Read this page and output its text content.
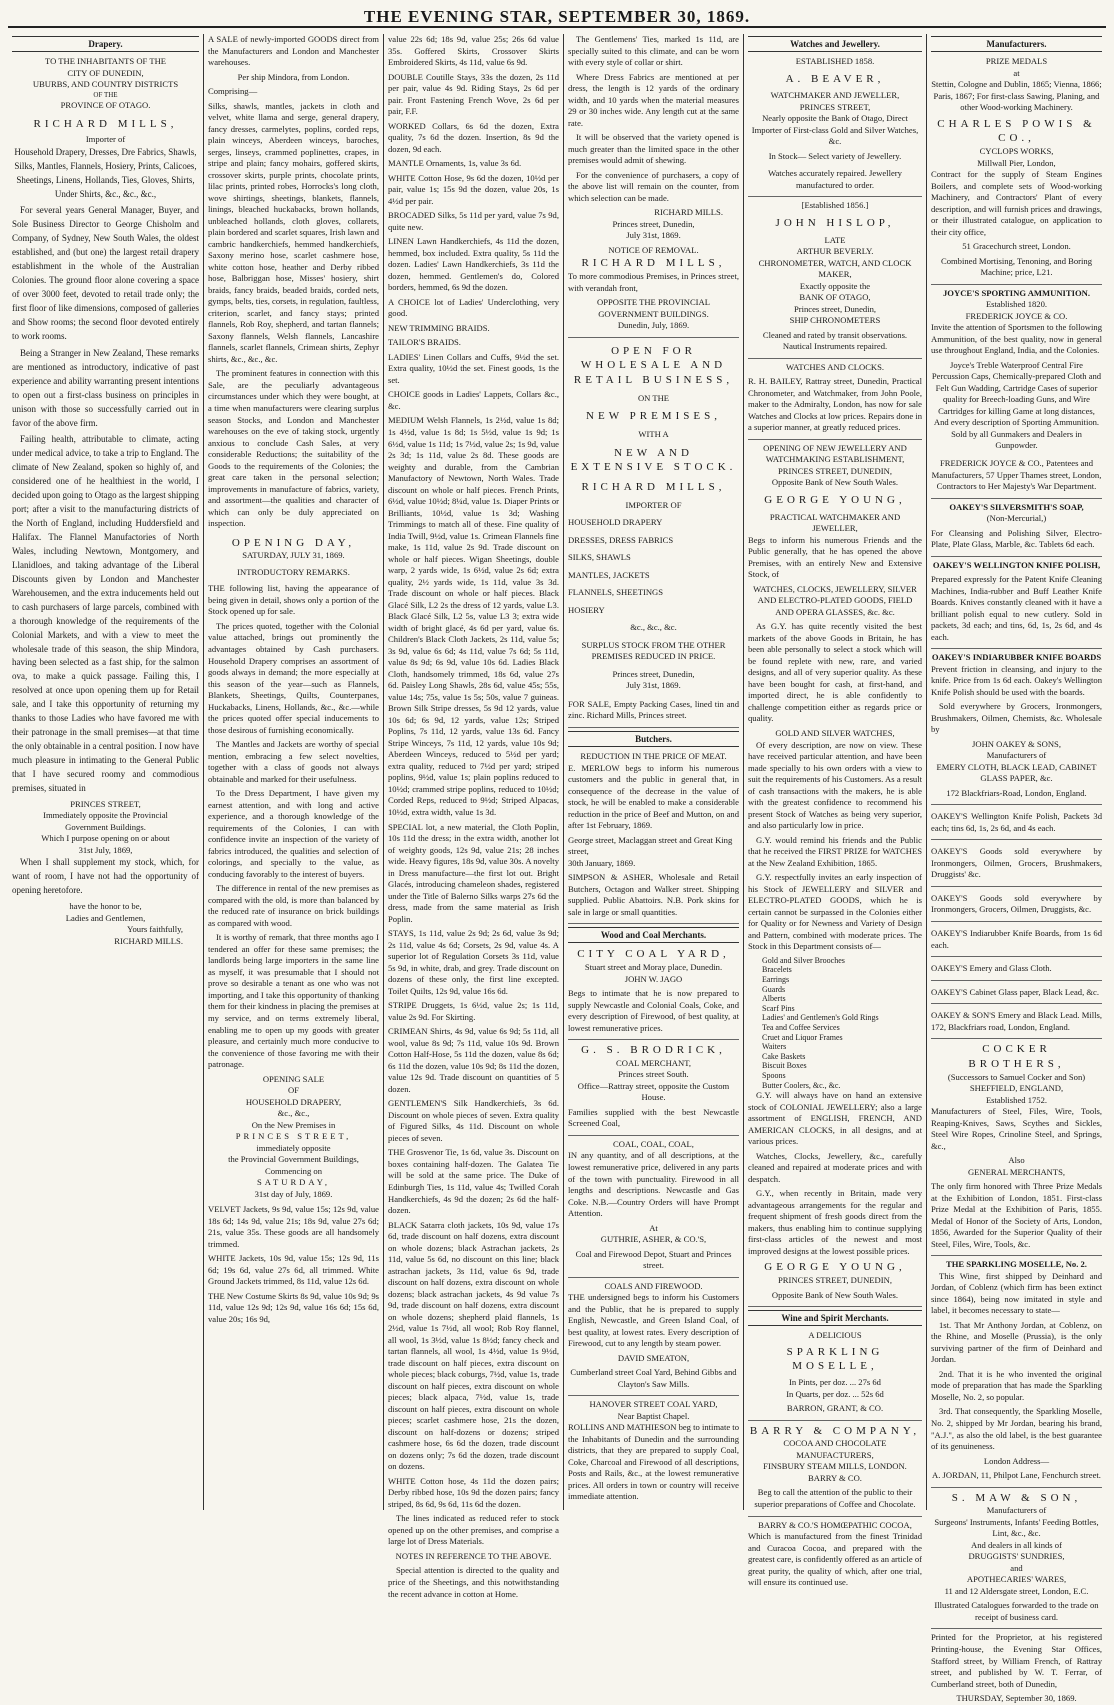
THE EVENING STAR, SEPTEMBER 30, 1869.
Drapery.
TO THE INHABITANTS OF THE
CITY OF DUNEDIN,
UBURBS, AND COUNTRY DISTRICTS
OF THE
PROVINCE OF OTAGO.
RICHARD MILLS,
Importer of

Household Drapery, Dresses, Dre Fabrics, Shawls, Silks, Mantles, Flannels, Hosiery, Prints, Calicoes, Sheetings, Linens, Hollands, Ties, Gloves, Shirts, Under Shirts, &c., &c., &c.,

For several years General Manager, Buyer, and Sole Business Director to George Chisholm and Company, of Sydney, New South Wales, the oldest established, and (but one) the largest retail drapery establishment in the whole of the Australian Colonies. The ground floor alone covering a space of over 3000 feet, devoted to retail trade only; the first floor of like dimensions, composed of galleries and Show rooms; the second floor devoted entirely to work rooms.

Being a Stranger in New Zealand, These remarks are mentioned as introductory, indicative of past experience and ability warranting present intentions to open out a first-class business on principles in unison with those so successfully carried out in favor of the above firm.

Failing health, attributable to climate, acting under medical advice, to take a trip to England. The climate of New Zealand, spoken so highly of, and considered one of he healthiest in the world, I decided upon going to Otago as the largest shipping port; after a visit to the manufacturing districts of the North of England, including Huddersfield and Halifax. The Flannel Manufactories of North Wales, including Newtown, Montgomery, and Llanidloes, and taking advantage of the Liberal Discounts given by London and Manchester Warehousemen, and the extra inducements held out to cash purchasers of large parcels, combined with a thorough knowledge of the requirements of the Colonial Markets, and with a view to meet the wholesale trade of this season, the ship Mindora, having been selected as a fast ship, for the salmon ova, to make a quick passage. Failing this, I resolved at once upon opening them up for Retail sale, and I take this opportunity of returning my thanks to those Ladies who have favored me with their patronage in the small premises—at that time the only obtainable in a central position. I now have much pleasure in intimating to the General Public that I have secured roomy and commodious premises, situated in

PRINCES STREET,
Immediately opposite the Provincial
Government Buildings.
Which I purpose opening on or about
31st July, 1869,

When I shall supplement my stock, which, for want of room, I have not had the opportunity of opening heretofore.

have the honor to be,
Ladies and Gentlemen,
Yours faithfully,
RICHARD MILLS.

A SALE of newly-imported GOODS direct from the Manufacturers and London and Manchester warehouses.

Per ship Mindora, from London.

Comprising—

Silks, shawls, mantles, jackets in cloth and velvet, white llama and serge, general drapery, fancy dresses, carmelytes, poplins, corded reps, plain winceys, Aberdeen winceys, baroches, serges, linseys, crammed poplinettes, crapes, in stripe and plain; fancy mohairs, goffered skirts, crossover skirts, purple prints, chocolate prints, lilac prints, printed robes, Horrocks's long cloth, wove shirtings, sheetings, blankets, flannels, linings, bleached huckabacks, brown hollands, unbleached hollands, cloth gloves, collarets, plain bordered and scarlet squares, Irish lawn and cambric handkerchiefs, hemmed handkerchiefs, Saxony merino hose, scarlet cashmere hose, white cotton hose, heather and Derby ribbed hose, Balbriggan hose, Misses' hosiery, shirt braids, fancy braids, beaded braids, corded nets, gymps, belts, ties, corsets, in regulation, faultless, criterion, scarlet, and fancy stays; printed flannels, Rob Roy, shepherd, and tartan flannels; Saxony flannels, Welsh flannels, Lancashire flannels, scarlet flannels, Crimean shirts, Zephyr shirts, &c., &c., &c.

The prominent features in connection with this Sale, are the peculiarly advantageous circumstances under which they were bought, at a time when manufacturers were clearing surplus season Stocks, and London and Manchester warehouses on the eve of taking stock, urgently anxious to conclude Cash Sales, at very considerable Reductions; the suitability of the Goods to the requirements of the Colonies; the great care taken in the personal selection; improvements in manufacture of fabrics, variety, and assortment—the qualities and character of which can only be duly appreciated on inspection.

OPENING DAY,
SATURDAY, JULY 31, 1869.
INTRODUCTORY REMARKS.

THE following list, having the appearance of being given in detail, shows only a portion of the Stock opened up for sale.

The prices quoted, together with the Colonial value attached, brings out prominently the advantages obtained by Cash purchasers. Household Drapery comprises an assortment of goods always in demand; the more especially at this season of the year—such as Flannels, Blankets, Sheetings, Quilts, Counterpanes, Huckabacks, Linens, Hollands, &c., &c.—while the prices quoted offer special inducements to those desirous of furnishing economically.

The Mantles and Jackets are worthy of special mention, embracing a few select novelties, together with a class of goods not always obtainable and marked for their usefulness.

To the Dress Department, I have given my earnest attention, and with long and active experience, and a thorough knowledge of the requirements of the Colonies, I can with confidence invite an inspection of the variety of fabrics introduced, the qualities and selection of colorings, and specially to the value, as conducing favorably to the interest of buyers.

The difference in rental of the new premises as compared with the old, is more than balanced by the reduced rate of insurance on brick buildings as compared with wood.

It is worthy of remark, that three months ago I tendered an offer for these same premises; the landlords being large importers in the same line as myself, it was presumable that I should not prove so desirable a tenant as one who was not importing, and I take this opportunity of thanking them for their kindness in placing the premises at my service, and on terms extremely liberal, enabling me to open up my goods with greater pleasure, and certainly much more conducive to the convenience of those favoring me with their patronage.

OPENING SALE
OF
HOUSEHOLD DRAPERY,
&c., &c.,
On the New Premises in
PRINCES STREET,
immediately opposite
the Provincial Government Buildings,
Commencing on
SATURDAY,
31st day of July, 1869.

VELVET Jackets, 9s 9d, value 15s; 12s 9d, value 18s 6d; 14s 9d, value 21s; 18s 9d, value 27s 6d; 21s, value 35s. These goods are all handsomely trimmed.

WHITE Jackets, 10s 9d, value 15s; 12s 9d, 11s 6d; 19s 6d, value 27s 6d, all trimmed. White Ground Jackets trimmed, 8s 11d, value 12s 6d.

THE New Costume Skirts 8s 9d, value 10s 9d; 9s 11d, value 12s 9d; 12s 9d, value 16s 6d; 15s 6d, value 20s; 16s 9d,

value 22s 6d; 18s 9d, value 25s; 26s 6d value 35s. Goffered Skirts, Crossover Skirts Embroidered Skirts, 4s 11d, value 6s 9d.

DOUBLE Coutille Stays, 33s the dozen, 2s 11d per pair, value 4s 9d. Riding Stays, 2s 6d per pair. Front Fastening French Wove, 2s 6d per pair, F.F.

WORKED Collars, 6s 6d the dozen, Extra quality, 7s 6d the dozen. Insertion, 8s 9d the dozen, 9d each.

MANTLE Ornaments, 1s, value 3s 6d.

WHITE Cotton Hose, 9s 6d the dozen, 10½d per pair, value 1s; 15s 9d the dozen, value 20s, 1s 4½d per pair.

BROCADED Silks, 5s 11d per yard, value 7s 9d, quite new.

LINEN Lawn Handkerchiefs, 4s 11d the dozen, hemmed, box included. Extra quality, 5s 11d the dozen. Ladies' Lawn Handkerchiefs, 3s 11d the dozen, hemmed. Gentlemen's do, Colored borders, hemmed, 6s 9d the dozen.

A CHOICE lot of Ladies' Underclothing, very good.

NEW TRIMMING BRAIDS.

TAILOR'S BRAIDS.

LADIES' Linen Collars and Cuffs, 9½d the set. Extra quality, 10½d the set. Finest goods, 1s the set.

CHOICE goods in Ladies' Lappets, Collars &c., &c.

MEDIUM Welsh Flannels, 1s 2½d, value 1s 8d; 1s 4½d, value 1s 8d; 1s 5½d, value 1s 9d; 1s 6½d, value 1s 11d; 1s 7½d, value 2s; 1s 9d, value 2s 3d; 1s 11d, value 2s 8d. These goods are weighty and durable, from the Cambrian Manufactory of Newtown, North Wales. Trade discount on whole or half pieces. French Prints, 6½d, value 10½d; 8¼d, value 1s. Diaper Prints or Brilliants, 10½d, value 1s 3d; Washing Trimmings to match all of these. Fine quality of India Twill, 9½d, value 1s. Crimean Flannels fine make, 1s 11d, value 2s 9d. Trade discount on whole or half pieces. Wigan Sheetings, double warp, 2 yards wide, 1s 6½d, value 2s 6d; extra quality, 2½ yards wide, 1s 11d, value 3s 3d. Trade discount on whole or half pieces. Black Glacé Silk, L2 2s the dress of 12 yards, value L3. Black Glacé Silk, L2 5s, value L3 3; extra wide width of bright glacé, 4s 6d per yard, value 6s. Children's Black Cloth Jackets, 2s 11d, value 5s; 3s 9d, value 6s 6d; 4s 11d, value 7s 6d; 5s 11d, value 8s 9d; 6s 9d, value 10s 6d. Ladies Black Cloth, handsomely trimmed, 18s 6d, value 27s 6d. Paisley Long Shawls, 28s 6d, value 45s; 55s, value 14s; 75s, value 1s 5s; 50s, value 7 guineas. Brown Silk Stripe dresses, 5s 9d 12 yards, value 10s 6d; 6s 9d, 12 yards, value 12s; Striped Poplins, 7s 11d, 12 yards, value 13s 6d. Fancy Stripe Winceys, 7s 11d, 12 yards, value 10s 9d; Aberdeen Winceys, reduced to 5½d per yard; extra quality, reduced to 7½d per yard; striped poplins, 9½d, value 1s; plain poplins reduced to 10½d; crammed stripe poplins, reduced to 10½d; Corded Reps, reduced to 9½d; Striped Alpacas, 10½d, extra width, value 1s 3d.

SPECIAL lot, a new material, the Cloth Poplin, 10s 11d the dress; in the extra width, another lot of weighty goods, 12s 9d, value 21s; 28 inches wide. Heavy figures, 18s 9d, value 30s. A novelty in Dress manufacture—the first lot out. Bright Glacés, introducing chameleon shades, registered under the Title of Balerno Silks warps 27s 6d the dress, made from the same material as Irish Poplin.

STAYS, 1s 11d, value 2s 9d; 2s 6d, value 3s 9d; 2s 11d, value 4s 6d; Corsets, 2s 9d, value 4s. A superior lot of Regulation Corsets 3s 11d, value 5s 9d, in white, drab, and grey. Trade discount on dozens of these only, the first line excepted. Toilet Quilts, 12s 9d, value 16s 6d.

STRIPE Druggets, 1s 6½d, value 2s; 1s 11d, value 2s 9d. For Skirting.

CRIMEAN Shirts, 4s 9d, value 6s 9d; 5s 11d, all wool, value 8s 9d; 7s 11d, value 10s 9d. Brown Cotton Half-Hose, 5s 11d the dozen, value 8s 6d; 6s 11d the dozen, value 10s 9d; 8s 11d the dozen, value 12s 9d. Trade discount on quantities of 5 dozen.

GENTLEMEN'S Silk Handkerchiefs, 3s 6d. Discount on whole pieces of seven. Extra quality of Figured Silks, 4s 11d. Discount on whole pieces of seven.

THE Grosvenor Tie, 1s 6d, value 3s. Discount on boxes containing half-dozen. The Galatea Tie will be sold at the same price. The Duke of Edinburgh Ties, 1s 11d, value 4s; Twilled Corah Handkerchiefs, 4s 9d the dozen; 2s 6d the half-dozen.

BLACK Satarra cloth jackets, 10s 9d, value 17s 6d, trade discount on half dozens, extra discount on whole dozens; black Astrachan jackets, 2s 11d, value 5s 6d, no discount on this line; black astrachan jackets, 3s 11d, value 6s 9d, trade discount on half dozens, extra discount on whole dozens; black astrachan jackets, 4s 9d value 7s 9d, trade discount on half dozens, extra discount on whole dozens; shepherd plaid flannels, 1s 2½d, value 1s 7½d, all wool; Rob Roy flannel, all wool, 1s 3½d, value 1s 8½d; fancy check and tartan flannels, all wool, 1s 4½d, value 1s 9½d, trade discount on half pieces, extra discount on whole pieces; black coburgs, 7½d, value 1s, trade discount on half pieces, extra discount on whole pieces; black alpaca, 7½d, value 1s, trade discount on half pieces, extra discount on whole pieces; scarlet cashmere hose, 21s the dozen, discount on half-dozens or dozens; striped cashmere hose, 6s 6d the dozen, trade discount on dozens only; 7s 6d the dozen, trade discount on dozens.

WHITE Cotton hose, 4s 11d the dozen pairs; Derby ribbed hose, 10s 9d the dozen pairs; fancy striped, 8s 6d, 9s 6d, 11s 6d the dozen.

The lines indicated as reduced refer to stock opened up on the other premises, and comprise a large lot of Dress Materials.

NOTES IN REFERENCE TO THE ABOVE.

Special attention is directed to the quality and price of the Sheetings, and this notwithstanding the recent advance in cotton at Home.

The Gentlemens' Ties, marked 1s 11d, are specially suited to this climate, and can be worn with every style of collar or shirt.

Where Dress Fabrics are mentioned at per dress, the length is 12 yards of the ordinary width, and 10 yards when the material measures 29 or 30 inches wide. Any length cut at the same rate.

It will be observed that the variety opened is much greater than the limited space in the other premises would admit of shewing.

For the convenience of purchasers, a copy of the above list will remain on the counter, from which selection can be made.

RICHARD MILLS.
Princes street, Dunedin,
July 31st, 1869.
NOTICE OF REMOVAL.
RICHARD MILLS,

To more commodious Premises, in Princes street, with verandah front,

OPPOSITE THE PROVINCIAL GOVERNMENT BUILDINGS.
Dunedin, July, 1869.
OPEN FOR WHOLESALE AND
RETAIL BUSINESS,
ON THE
NEW PREMISES,
WITH A
NEW AND EXTENSIVE STOCK.
RICHARD MILLS,
IMPORTER OF
HOUSEHOLD DRAPERY
DRESSES, DRESS FABRICS
SILKS, SHAWLS
MANTLES, JACKETS
FLANNELS, SHEETINGS
HOSIERY
&c., &c., &c.

SURPLUS STOCK FROM THE OTHER PREMISES REDUCED IN PRICE.

Princes street, Dunedin,
July 31st, 1869.

FOR SALE, Empty Packing Cases, lined tin and zinc. Richard Mills, Princes street.

Butchers.
REDUCTION IN THE PRICE OF MEAT.

E. MERLOW begs to inform his numerous customers and the public in general that, in consequence of the decrease in the value of stock, he will be enabled to make a considerable reduction in the price of Beef and Mutton, on and after 1st February, 1869.

George street, Maclaggan street and Great King street,
30th January, 1869.

SIMPSON & ASHER, Wholesale and Retail Butchers, Octagon and Walker street. Shipping supplied. Public Abattoirs. N.B. Pork skins for sale in large or small quantities.

Wood and Coal Merchants.
CITY COAL YARD,
Stuart street and Moray place, Dunedin.
JOHN W. JAGO

Begs to intimate that he is now prepared to supply Newcastle and Colonial Coals, Coke, and every description of Firewood, of best quality, at lowest remunerative prices.

G. S. BRODRICK,
COAL MERCHANT,
Princes street South.
Office—Rattray street, opposite the Custom House.

Families supplied with the best Newcastle Screened Coal,

COAL, COAL, COAL,

IN any quantity, and of all descriptions, at the lowest remunerative price, delivered in any parts of the town with punctuality. Firewood in all lengths and descriptions. Newcastle and Gas Coke. N.B.—Country Orders will have Prompt Attention.

At
GUTHRIE, ASHER, & CO.'S,
Coal and Firewood Depot, Stuart and Princes street.
COALS AND FIREWOOD.

THE undersigned begs to inform his Customers and the Public, that he is prepared to supply English, Newcastle, and Green Island Coal, of best quality, at lowest rates. Every description of Firewood, cut to any length by steam power.

DAVID SMEATON,
Cumberland street Coal Yard, Behind Gibbs and Clayton's Saw Mills.
HANOVER STREET COAL YARD,
Near Baptist Chapel.

ROLLINS AND MATHIESON beg to intimate to the Inhabitants of Dunedin and the surrounding districts, that they are prepared to supply Coal, Coke, Charcoal and Firewood of all descriptions, Posts and Rails, &c., at the lowest remunerative prices. All orders in town or country will receive immediate attention.

Watches and Jewellery.
ESTABLISHED 1858.
A. BEAVER,
WATCHMAKER AND JEWELLER,
PRINCES STREET,

Nearly opposite the Bank of Otago, Direct Importer of First-class Gold and Silver Watches, &c.

In Stock— Select variety of Jewellery.

Watches accurately repaired. Jewellery manufactured to order.

[Established 1856.]
JOHN HISLOP,
LATE
ARTHUR BEVERLY.
CHRONOMETER, WATCH, AND CLOCK MAKER,
Exactly opposite the
BANK OF OTAGO,
Princes street, Dunedin,
SHIP CHRONOMETERS

Cleaned and rated by transit observations. Nautical Instruments repaired.

WATCHES AND CLOCKS.

R. H. BAILEY, Rattray street, Dunedin, Practical Chronometer, and Watchmaker, from John Poole, maker to the Admiralty, London, has now for sale Watches and Clocks at low prices. Repairs done in a superior manner, at greatly reduced prices.

OPENING OF NEW JEWELLERY AND WATCHMAKING ESTABLISHMENT,
PRINCES STREET, DUNEDIN,
Opposite Bank of New South Wales.
GEORGE YOUNG,
PRACTICAL WATCHMAKER AND JEWELLER,

Begs to inform his numerous Friends and the Public generally, that he has opened the above Premises, with an entirely New and Extensive Stock, of

WATCHES, CLOCKS, JEWELLERY, SILVER AND ELECTRO-PLATED GOODS, FIELD AND OPERA GLASSES, &c. &c.

As G.Y. has quite recently visited the best markets of the above Goods in Britain, he has been able personally to select a stock which will be found replete with new, rare, and varied designs, and all of very superior quality. As these have been bought for cash, at first-hand, and imported direct, he is able confidently to challenge competition either as regards price or quality.

GOLD AND SILVER WATCHES,

Of every description, are now on view. These have received particular attention, and have been made specially to his own orders with a view to suit the requirements of his Customers. As a result of cash transactions with the makers, he is able with the greatest confidence to recommend his present Stock of Watches as being very superior, and also particularly low in price.

G.Y. would remind his friends and the Public that he received the FIRST PRIZE for WATCHES at the New Zealand Exhibition, 1865.

G.Y. respectfully invites an early inspection of his Stock of JEWELLERY and SILVER and ELECTRO-PLATED GOODS, which he is certain cannot be surpassed in the Colonies either for Quality or for Newness and Variety of Design and Pattern, combined with moderate prices. The Stock in this Department consists of—

Gold and Silver Brooches
Bracelets
Earrings
Guards
Alberts
Scarf Pins
Ladies' and Gentlemen's Gold Rings
Tea and Coffee Services
Cruet and Liquor Frames
Waiters
Cake Baskets
Biscuit Boxes
Spoons
Butter Coolers, &c., &c.

G.Y. will always have on hand an extensive stock of COLONIAL JEWELLERY; also a large assortment of ENGLISH, FRENCH, AND AMERICAN CLOCKS, in all designs, and at various prices.

Watches, Clocks, Jewellery, &c., carefully cleaned and repaired at moderate prices and with despatch.

G.Y., when recently in Britain, made very advantageous arrangements for the regular and frequent shipment of fresh goods direct from the makers, thus enabling him to continue supplying first-class articles of the newest and most improved designs at the lowest possible prices.

GEORGE YOUNG,
PRINCES STREET, DUNEDIN,
Opposite Bank of New South Wales.
Wine and Spirit Merchants.
A DELICIOUS
SPARKLING MOSELLE,
In Pints, per doz. ... 27s 6d
In Quarts, per doz. ... 52s 6d
BARRON, GRANT, & CO.
BARRY & COMPANY,
COCOA AND CHOCOLATE MANUFACTURERS,
FINSBURY STEAM MILLS, LONDON.
BARRY & CO.

Beg to call the attention of the public to their superior preparations of Coffee and Chocolate.

BARRY & CO.'S HOMŒPATHIC COCOA,

Which is manufactured from the finest Trinidad and Curacoa Cocoa, and prepared with the greatest care, is confidently offered as an article of great purity, the quality of which, after one trial, will ensure its continued use.

Manufacturers.
PRIZE MEDALS
at

Stettin, Cologne and Dublin, 1865; Vienna, 1866; Paris, 1867; For first-class Sawing, Planing, and other Wood-working Machinery.

CHARLES POWIS & CO.,
CYCLOPS WORKS,
Millwall Pier, London,

Contract for the supply of Steam Engines Boilers, and complete sets of Wood-working Machinery, and Contractors' Plant of every description, and will furnish prices and drawings, or their illustrated catalogue, on application to their city office,

51 Gracechurch street, London.

Combined Mortising, Tenoning, and Boring Machine; price, L21.

JOYCE'S SPORTING AMMUNITION.
Established 1820.
FREDERICK JOYCE & CO.

Invite the attention of Sportsmen to the following Ammunition, of the best quality, now in general use throughout England, India, and the Colonies.

Joyce's Treble Waterproof Central Fire Percussion Caps, Chemically-prepared Cloth and Felt Gun Wadding, Cartridge Cases of superior quality for Breech-loading Guns, and Wire Cartridges for killing Game at long distances, And every description of Sporting Ammunition. Sold by all Gunmakers and Dealers in Gunpowder.

FREDERICK JOYCE & CO., Patentees and Manufacturers, 57 Upper Thames street, London, Contractors to Her Majesty's War Department.

OAKEY'S SILVERSMITH'S SOAP,
(Non-Mercurial,)

For Cleansing and Polishing Silver, Electro-Plate, Plate Glass, Marble, &c. Tablets 6d each.

OAKEY'S WELLINGTON KNIFE POLISH,

Prepared expressly for the Patent Knife Cleaning Machines, India-rubber and Buff Leather Knife Boards. Knives constantly cleaned with it have a brilliant polish equal to new cutlery. Sold in packets, 3d each; and tins, 6d, 1s, 2s 6d, and 4s each.

OAKEY'S INDIARUBBER KNIFE BOARDS

Prevent friction in cleansing, and injury to the knife. Price from 1s 6d each. Oakey's Wellington Knife Polish should be used with the boards.

Sold everywhere by Grocers, Ironmongers, Brushmakers, Oilmen, Chemists, &c. Wholesale by

JOHN OAKEY & SONS,
Manufacturers of
EMERY CLOTH, BLACK LEAD, CABINET GLASS PAPER, &c.
172 Blackfriars-Road, London, England.

OAKEY'S Wellington Knife Polish, Packets 3d each; tins 6d, 1s, 2s 6d, and 4s each.

OAKEY'S Goods sold everywhere by Ironmongers, Oilmen, Grocers, Brushmakers, Druggists' &c.

OAKEY'S Goods sold everywhere by Ironmongers, Grocers, Oilmen, Druggists, &c.

OAKEY'S Indiarubber Knife Boards, from 1s 6d each.

OAKEY'S Emery and Glass Cloth.

OAKEY'S Cabinet Glass paper, Black Lead, &c.

OAKEY & SON'S Emery and Black Lead. Mills, 172, Blackfriars road, London, England.

COCKER BROTHERS,
(Successors to Samuel Cocker and Son)
SHEFFIELD, ENGLAND,
Established 1752.

Manufacturers of Steel, Files, Wire, Tools, Reaping-Knives, Saws, Scythes and Sickles, Steel Wire Ropes, Crinoline Steel, and Springs, &c.,

Also
GENERAL MERCHANTS,

The only firm honored with Three Prize Medals at the Exhibition of London, 1851. First-class Prize Medal at the Exhibition of Paris, 1855. Medal of Honor of the Society of Arts, London, 1856, Awarded for the Superior Quality of their Steel, Files, Wire, Tools, &c.

THE SPARKLING MOSELLE, No. 2.

This Wine, first shipped by Deinhard and Jordan, of Coblenz (which firm has been extinct since 1864), being now imitated in style and label, it becomes necessary to state—

1st. That Mr Anthony Jordan, at Coblenz, on the Rhine, and Moselle (Prussia), is the only surviving partner of the firm of Deinhard and Jordan.

2nd. That it is he who invented the original mode of preparation that has made the Sparkling Moselle, No. 2, so popular.

3rd. That consequently, the Sparkling Moselle, No. 2, shipped by Mr Jordan, bearing his brand, "A.J.", as also the old label, is the best guarantee of its genuineness.

London Address—
A. JORDAN, 11, Philpot Lane, Fenchurch street.
S. MAW & SON,
Manufacturers of
Surgeons' Instruments, Infants' Feeding Bottles, Lint, &c., &c.
And dealers in all kinds of
DRUGGISTS' SUNDRIES,
and
APOTHECARIES' WARES,
11 and 12 Aldersgate street, London, E.C.

Illustrated Catalogues forwarded to the trade on receipt of business card.

Printed for the Proprietor, at his registered Printing-house, the Evening Star Offices, Stafford street, by William French, of Rattray street, and published by W. T. Ferrar, of Cumberland street, both of Dunedin,

THURSDAY, September 30, 1869.
